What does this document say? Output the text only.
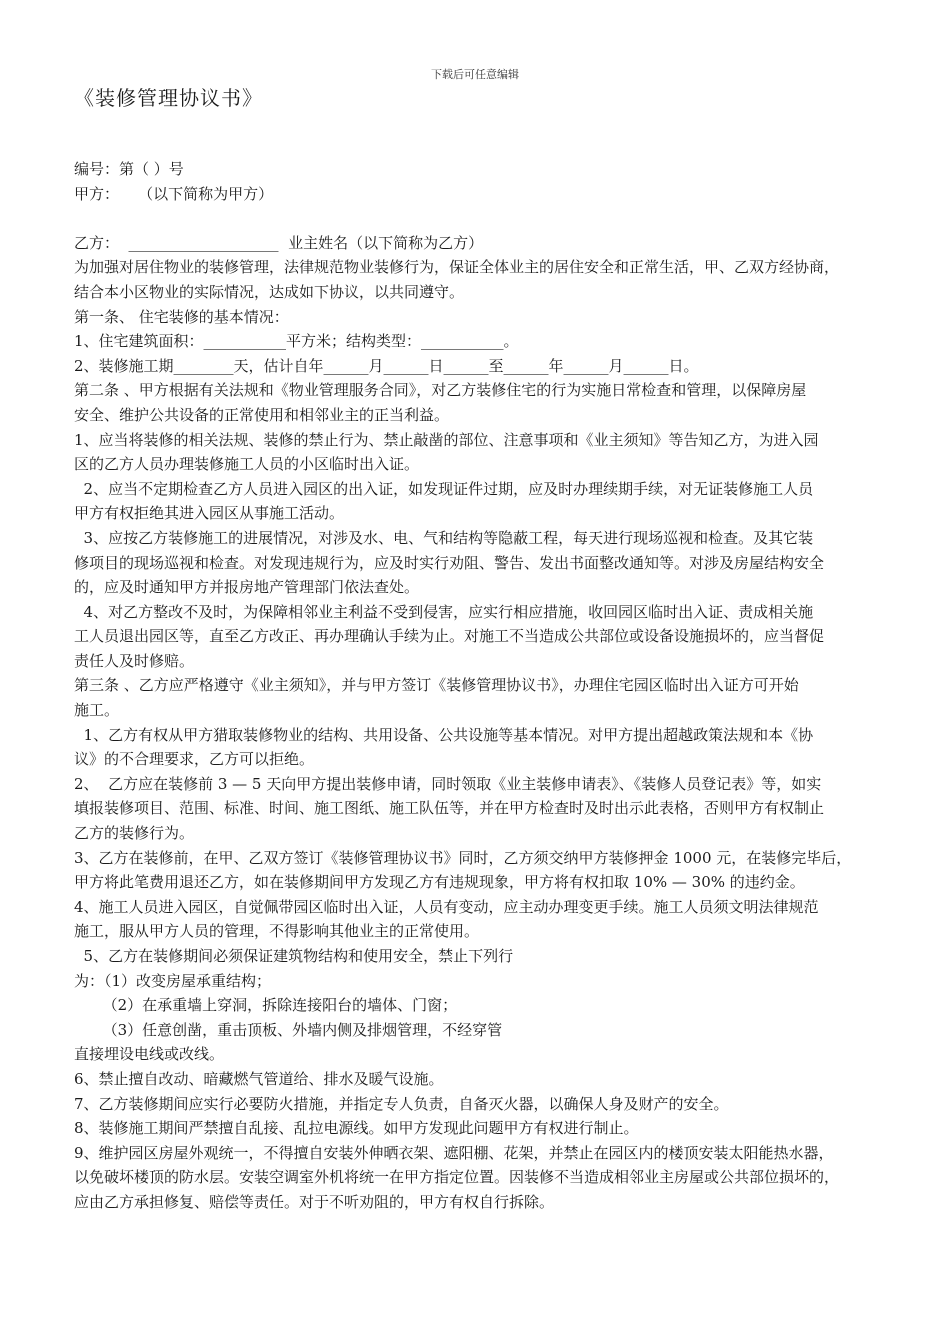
下载后可任意编辑
《装修管理协议书》
编号：第（ ）号
甲方：    （以下简称为甲方）
乙方：  ____________________  业主姓名（以下简称为乙方）
为加强对居住物业的装修管理，法律规范物业装修行为，保证全体业主的居住安全和正常生活，甲、乙双方经协商，
结合本小区物业的实际情况，达成如下协议，以共同遵守。
第一条、 住宅装修的基本情况：
1、住宅建筑面积：___________平方米；结构类型：___________。
2、装修施工期________天，估计自年______月______日______至______年______月______日。
第二条 、甲方根据有关法规和《物业管理服务合同》，对乙方装修住宅的行为实施日常检查和管理，以保障房屋
安全、维护公共设备的正常使用和相邻业主的正当利益。
1、应当将装修的相关法规、装修的禁止行为、禁止敲凿的部位、注意事项和《业主须知》等告知乙方，为进入园
区的乙方人员办理装修施工人员的小区临时出入证。
2、应当不定期检查乙方人员进入园区的出入证，如发现证件过期，应及时办理续期手续，对无证装修施工人员
甲方有权拒绝其进入园区从事施工活动。
3、应按乙方装修施工的进展情况，对涉及水、电、气和结构等隐蔽工程，每天进行现场巡视和检查。及其它装
修项目的现场巡视和检查。对发现违规行为，应及时实行劝阻、警告、发出书面整改通知等。对涉及房屋结构安全
的，应及时通知甲方并报房地产管理部门依法查处。
4、对乙方整改不及时，为保障相邻业主利益不受到侵害，应实行相应措施，收回园区临时出入证、责成相关施
工人员退出园区等，直至乙方改正、再办理确认手续为止。对施工不当造成公共部位或设备设施损坏的，应当督促
责任人及时修赔。
第三条 、乙方应严格遵守《业主须知》，并与甲方签订《装修管理协议书》，办理住宅园区临时出入证方可开始
施工。
1、乙方有权从甲方猎取装修物业的结构、共用设备、公共设施等基本情况。对甲方提出超越政策法规和本《协
议》的不合理要求，乙方可以拒绝。
2、  乙方应在装修前 3 — 5 天向甲方提出装修申请，同时领取《业主装修申请表》、《装修人员登记表》等，如实
填报装修项目、范围、标准、时间、施工图纸、施工队伍等，并在甲方检查时及时出示此表格，否则甲方有权制止
乙方的装修行为。
3、乙方在装修前，在甲、乙双方签订《装修管理协议书》同时，乙方须交纳甲方装修押金 1000 元，在装修完毕后，
甲方将此笔费用退还乙方，如在装修期间甲方发现乙方有违规现象，甲方将有权扣取 10% — 30% 的违约金。
4、施工人员进入园区，自觉佩带园区临时出入证，人员有变动，应主动办理变更手续。施工人员须文明法律规范
施工，服从甲方人员的管理，不得影响其他业主的正常使用。
5、乙方在装修期间必须保证建筑物结构和使用安全，禁止下列行
为：（1）改变房屋承重结构；
（2）在承重墙上穿洞，拆除连接阳台的墙体、门窗；
（3）任意创凿，重击顶板、外墙内侧及排烟管理，不经穿管
直接埋设电线或改线。
6、禁止擅自改动、暗藏燃气管道给、排水及暖气设施。
7、乙方装修期间应实行必要防火措施，并指定专人负责，自备灭火器，以确保人身及财产的安全。
8、装修施工期间严禁擅自乱接、乱拉电源线。如甲方发现此问题甲方有权进行制止。
9、维护园区房屋外观统一，不得擅自安装外伸晒衣架、遮阳棚、花架，并禁止在园区内的楼顶安装太阳能热水器，
以免破坏楼顶的防水层。安装空调室外机将统一在甲方指定位置。因装修不当造成相邻业主房屋或公共部位损坏的，
应由乙方承担修复、赔偿等责任。对于不听劝阻的，甲方有权自行拆除。
